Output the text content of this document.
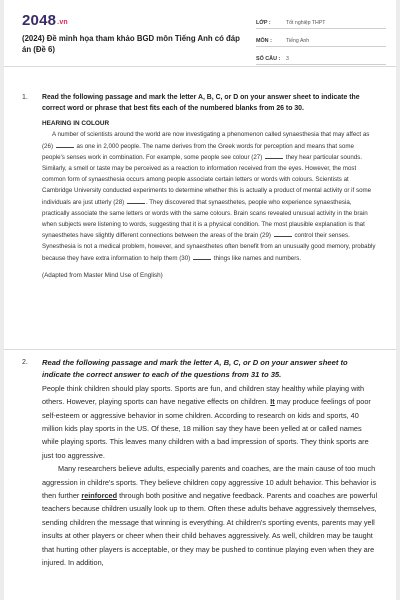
2048.vn
(2024) Đề minh họa tham khảo BGD môn Tiếng Anh có đáp án (Đề 6)
LỚP :	Tốt nghiệp THPT
MÔN :	Tiếng Anh
SỐ CÂU :	3
1. Read the following passage and mark the letter A, B, C, or D on your answer sheet to indicate the correct word or phrase that best fits each of the numbered blanks from 26 to 30.
HEARING IN COLOUR

A number of scientists around the world are now investigating a phenomenon called synaesthesia that may affect as (26)	as one in 2,000 people. The name derives from the Greek words for perception and means that some people's senses work in combination. For example, some people see colour (27)	they hear particular sounds. Similarly, a smell or taste may be perceived as a reaction to information received from the eyes. However, the most common form of synaesthesia occurs among people associate certain letters or words with colours. Scientists at Cambridge University conducted experiments to determine whether this is actually a product of mental activity or if some individuals are just utterly (28)	. They discovered that synaesthetes, people who experience synaesthesia, practically associate the same letters or words with the same colours. Brain scans revealed unusual activity in the brain when subjects were listening to words, suggesting that it is a physical condition. The most plausible explanation is that synaesthetes have slightly different connections between the areas of the brain (29)	control their senses. Synesthesia is not a medical problem, however, and synaesthetes often benefit from an unusually good memory, probably because they have extra information to help them (30)	things like names and numbers.

(Adapted from Master Mind Use of English)
2. Read the following passage and mark the letter A, B, C, or D on your answer sheet to indicate the correct answer to each of the questions from 31 to 35.

People think children should play sports. Sports are fun, and children stay healthy while playing with others. However, playing sports can have negative effects on children. It may produce feelings of poor self-esteem or aggressive behavior in some children. According to research on kids and sports, 40 million kids play sports in the US. Of these, 18 million say they have been yelled at or called names while playing sports. This leaves many children with a bad impression of sports. They think sports are just too aggressive.

Many researchers believe adults, especially parents and coaches, are the main cause of too much aggression in childre's sports. They believe children copy aggressive 10 adult behavior. This behavior is then further reinforced through both positive and negative feedback. Parents and coaches are powerful teachers because children usually look up to them. Often these adults behave aggressively themselves, sending children the message that winning is everything. At children's sporting events, parents may yell insults at other players or cheer when their child behaves aggressively. As well, children may be taught that hurting other players is acceptable, or they may be pushed to continue playing even when they are injured. In addition,
